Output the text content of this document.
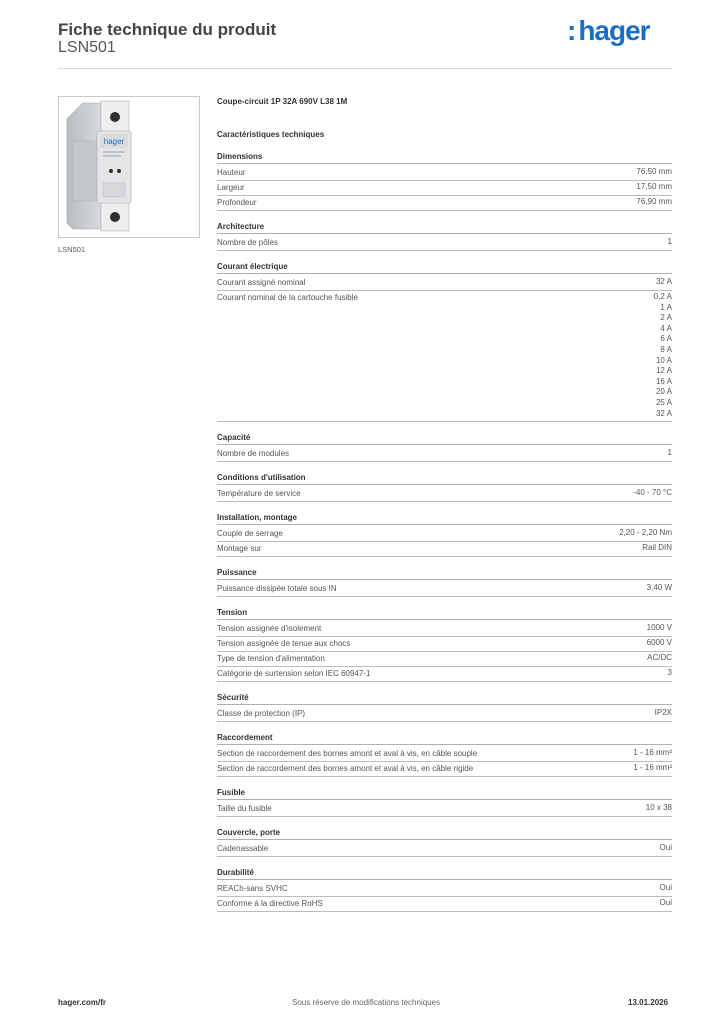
Fiche technique du produit
LSN501
:hager
hager
LSN501
Coupe-circuit 1P 32A 690V L38 1M
Caractéristiques techniques
Dimensions
Hauteur	76,50 mm
Largeur	17,50 mm
Profondeur	76,90 mm
Architecture
Nombre de pôles	1
Courant électrique
Courant assigné nominal	32 A
Courant nominal de la cartouche fusible	0,2 A
1 A
2 A
4 A
6 A
8 A
10 A
12 A
16 A
20 A
25 A
32 A
Capacité
Nombre de modules	1
Conditions d'utilisation
Température de service	-40 - 70 °C
Installation, montage
Couple de serrage	2,20 - 2,20 Nm
Montage sur	Rail DIN
Puissance
Puissance dissipée totale sous IN	3,40 W
Tension
Tension assignée d'isolement	1000 V
Tension assignée de tenue aux chocs	6000 V
Type de tension d'alimentation	AC/DC
Catégorie de surtension selon IEC 60947-1	3
Sécurité
Classe de protection (IP)	IP2X
Raccordement
Section de raccordement des bornes amont et aval à vis, en câble souple	1 - 16 mm²
Section de raccordement des bornes amont et aval à vis, en câble rigide	1 - 16 mm²
Fusible
Taille du fusible	10 x 38
Couvercle, porte
Cadenassable	Oui
Durabilité
REACh-sans SVHC	Oui
Conforme à la directive RoHS	Oui
hager.com/fr	Sous réserve de modifications techniques	13.01.2026
